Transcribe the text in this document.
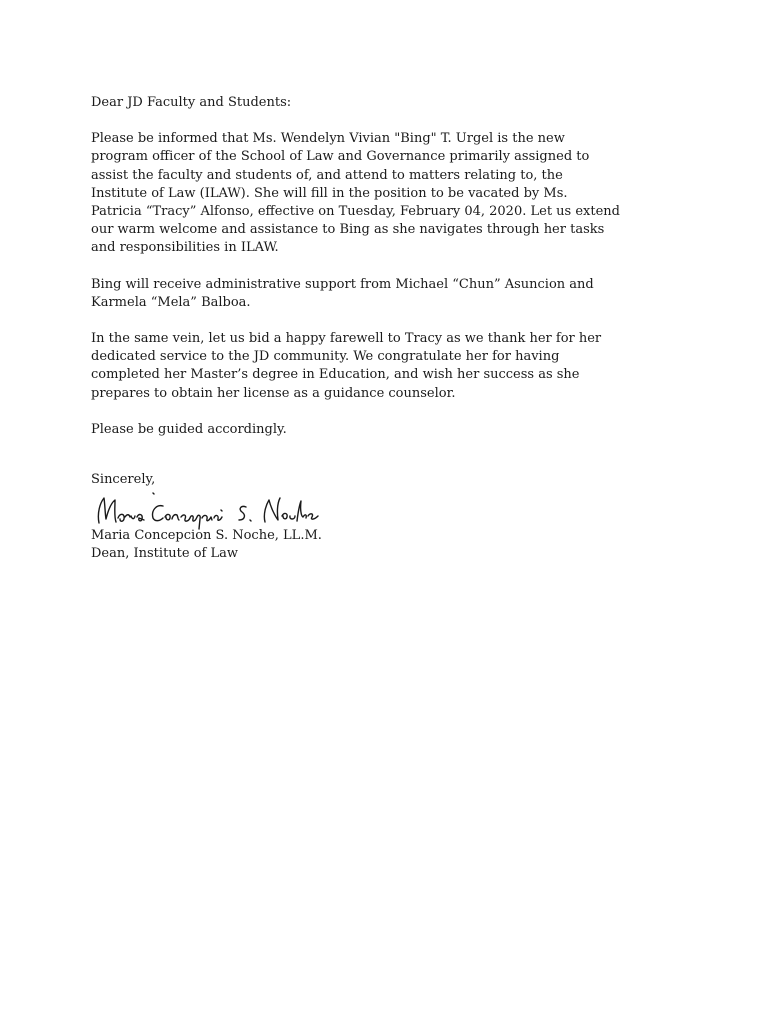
Dear JD Faculty and Students:

Please be informed that Ms. Wendelyn Vivian "Bing" T. Urgel is the new
program officer of the School of Law and Governance primarily assigned to
assist the faculty and students of, and attend to matters relating to, the
Institute of Law (ILAW). She will fill in the position to be vacated by Ms.
Patricia “Tracy” Alfonso, effective on Tuesday, February 04, 2020. Let us extend
our warm welcome and assistance to Bing as she navigates through her tasks
and responsibilities in ILAW.

Bing will receive administrative support from Michael “Chun” Asuncion and
Karmela “Mela” Balboa.

In the same vein, let us bid a happy farewell to Tracy as we thank her for her
dedicated service to the JD community. We congratulate her for having
completed her Master’s degree in Education, and wish her success as she
prepares to obtain her license as a guidance counselor.

Please be guided accordingly.

Sincerely,

Maria Concepcion S. Noche, LL.M.

Dean, Institute of Law
